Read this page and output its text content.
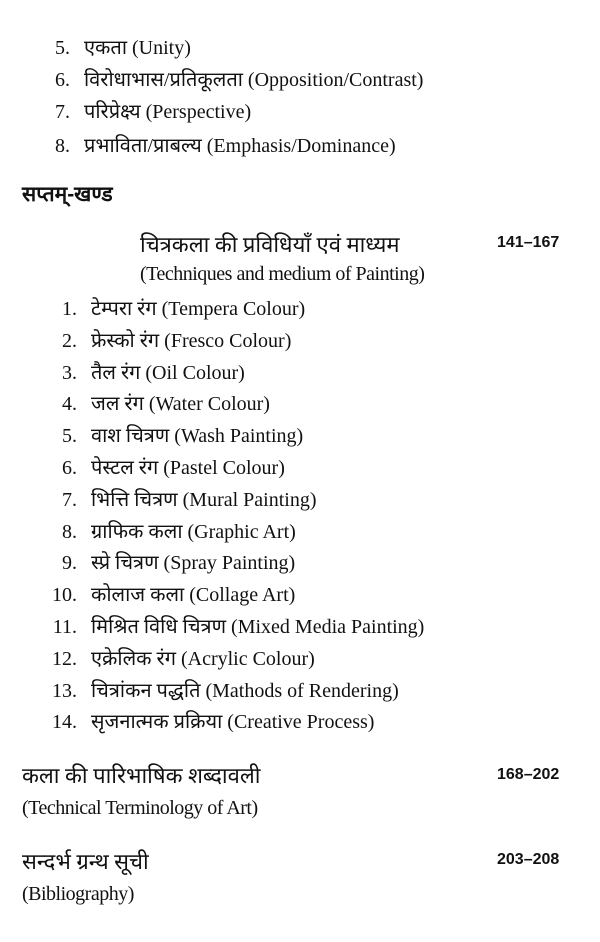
5. एकता (Unity)
6. विरोधाभास/प्रतिकूलता (Opposition/Contrast)
7. परिप्रेक्ष्य (Perspective)
8. प्रभाविता/प्राबल्य (Emphasis/Dominance)
सप्तम्-खण्ड
चित्रकला की प्रविधियाँ एवं माध्यम	141–167
(Techniques and medium of Painting)
1. टेम्परा रंग (Tempera Colour)
2. फ्रेस्को रंग (Fresco Colour)
3. तैल रंग (Oil Colour)
4. जल रंग (Water Colour)
5. वाश चित्रण (Wash Painting)
6. पेस्टल रंग (Pastel Colour)
7. भित्ति चित्रण (Mural Painting)
8. ग्राफिक कला (Graphic Art)
9. स्प्रे चित्रण (Spray Painting)
10. कोलाज कला (Collage Art)
11. मिश्रित विधि चित्रण (Mixed Media Painting)
12. एक्रेलिक रंग (Acrylic Colour)
13. चित्रांकन पद्धति (Mathods of Rendering)
14. सृजनात्मक प्रक्रिया (Creative Process)
कला की पारिभाषिक शब्दावली	168–202
(Technical Terminology of Art)
सन्दर्भ ग्रन्थ सूची	203–208
(Bibliography)
